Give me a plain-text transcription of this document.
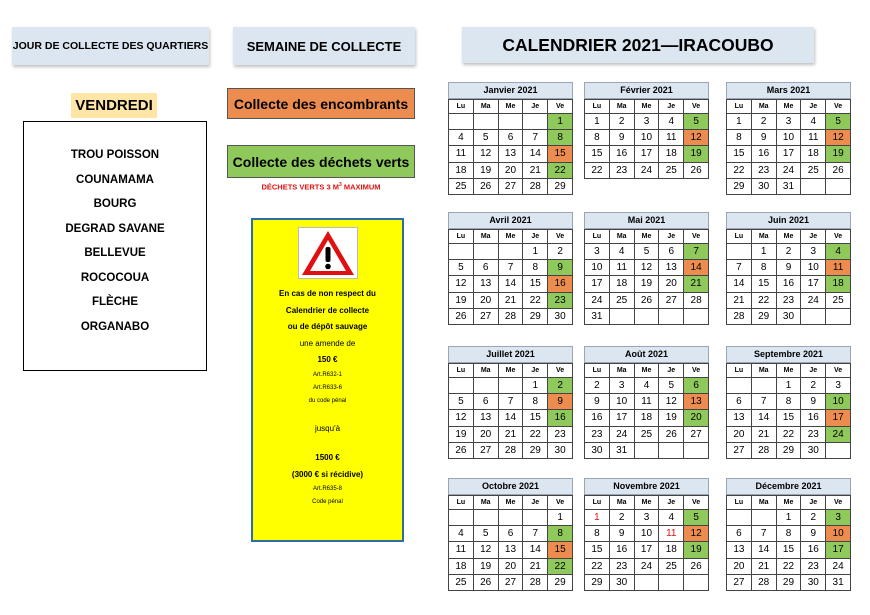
JOUR DE COLLECTE DES QUARTIERS	SEMAINE DE COLLECTE	CALENDRIER 2021—IRACOUBO
VENDREDI
TROU POISSON
COUNAMAMA
BOURG
DEGRAD SAVANE
BELLEVUE
ROCOCOUA
FLÈCHE
ORGANABO
Collecte des encombrants
Collecte des déchets verts
DÉCHETS VERTS 3 $M^3$ MAXIMUM
En cas de non respect du
Calendrier de collecte
ou de dépôt sauvage
une amende de
150 €
Art.R632-1
Art.R633-6
du code pénal

jusqu'à

1500 €
(3000 € si récidive)
Art.R635-8
Code pénal
Janvier 2021
Lu	Ma	Me	Je	Ve
				1
4	5	6	7	8
11	12	13	14	15
18	19	20	21	22
25	26	27	28	29
Février 2021
Lu	Ma	Me	Je	Ve
1	2	3	4	5
8	9	10	11	12
15	16	17	18	19
22	23	24	25	26
Mars 2021
Lu	Ma	Me	Je	Ve
1	2	3	4	5
8	9	10	11	12
15	16	17	18	19
22	23	24	25	26
29	30	31		
Avril 2021
Lu	Ma	Me	Je	Ve
			1	2
5	6	7	8	9
12	13	14	15	16
19	20	21	22	23
26	27	28	29	30
Mai 2021
Lu	Ma	Me	Je	Ve
3	4	5	6	7
10	11	12	13	14
17	18	19	20	21
24	25	26	27	28
31				
Juin 2021
Lu	Ma	Me	Je	Ve
	1	2	3	4
7	8	9	10	11
14	15	16	17	18
21	22	23	24	25
28	29	30		
Juillet 2021
Lu	Ma	Me	Je	Ve
			1	2
5	6	7	8	9
12	13	14	15	16
19	20	21	22	23
26	27	28	29	30
Août 2021
Lu	Ma	Me	Je	Ve
2	3	4	5	6
9	10	11	12	13
16	17	18	19	20
23	24	25	26	27
30	31			
Septembre 2021
Lu	Ma	Me	Je	Ve
		1	2	3
6	7	8	9	10
13	14	15	16	17
20	21	22	23	24
27	28	29	30	
Octobre 2021
Lu	Ma	Me	Je	Ve
				1
4	5	6	7	8
11	12	13	14	15
18	19	20	21	22
25	26	27	28	29
Novembre 2021
Lu	Ma	Me	Je	Ve
1	2	3	4	5
8	9	10	11	12
15	16	17	18	19
22	23	24	25	26
29	30			
Décembre 2021
Lu	Ma	Me	Je	Ve
		1	2	3
6	7	8	9	10
13	14	15	16	17
20	21	22	23	24
27	28	29	30	31
